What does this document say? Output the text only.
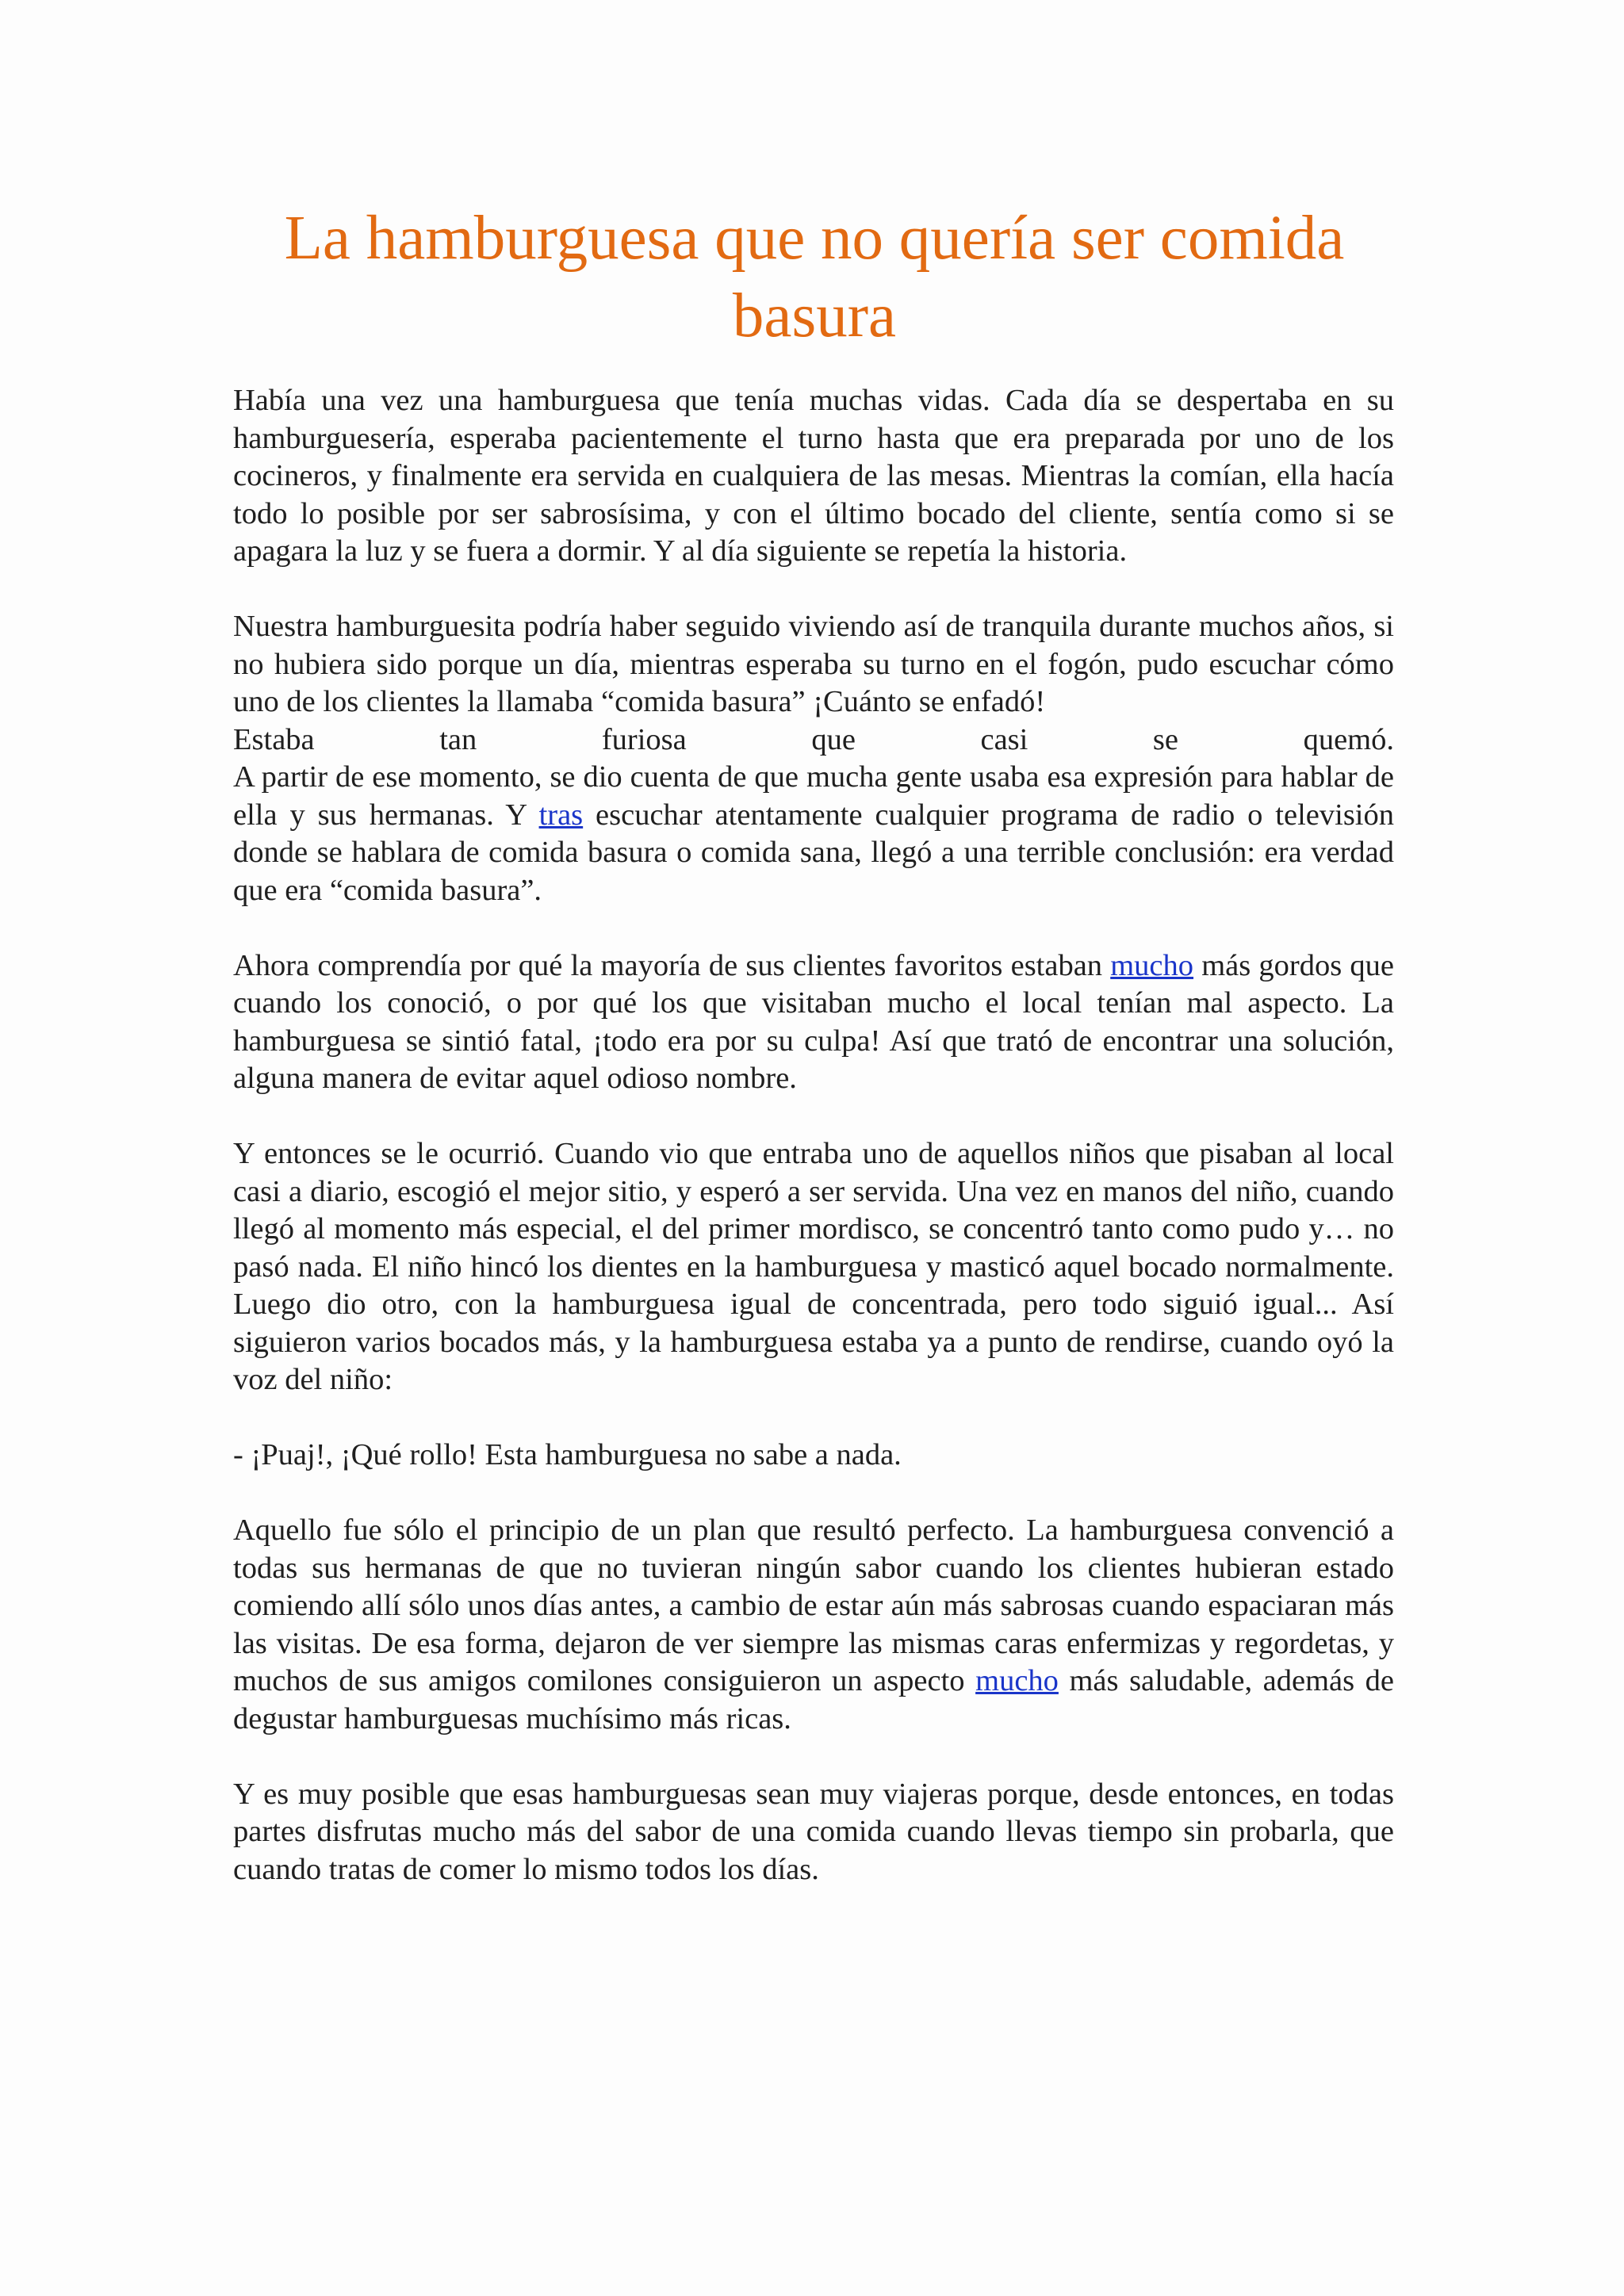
La hamburguesa que no quería ser comida basura

Había una vez una hamburguesa que tenía muchas vidas. Cada día se despertaba en su hamburguesería, esperaba pacientemente el turno hasta que era preparada por uno de los cocineros, y finalmente era servida en cualquiera de las mesas. Mientras la comían, ella hacía todo lo posible por ser sabrosísima, y con el último bocado del cliente, sentía como si se apagara la luz y se fuera a dormir. Y al día siguiente se repetía la historia.

Nuestra hamburguesita podría haber seguido viviendo así de tranquila durante muchos años, si no hubiera sido porque un día, mientras esperaba su turno en el fogón, pudo escuchar cómo uno de los clientes la llamaba “comida basura” ¡Cuánto se enfadó!
Estaba tan furiosa que casi se quemó.
A partir de ese momento, se dio cuenta de que mucha gente usaba esa expresión para hablar de ella y sus hermanas. Y tras escuchar atentamente cualquier programa de radio o televisión donde se hablara de comida basura o comida sana, llegó a una terrible conclusión: era verdad que era “comida basura”.

Ahora comprendía por qué la mayoría de sus clientes favoritos estaban mucho más gordos que cuando los conoció, o por qué los que visitaban mucho el local tenían mal aspecto. La hamburguesa se sintió fatal, ¡todo era por su culpa! Así que trató de encontrar una solución, alguna manera de evitar aquel odioso nombre.

Y entonces se le ocurrió. Cuando vio que entraba uno de aquellos niños que pisaban al local casi a diario, escogió el mejor sitio, y esperó a ser servida. Una vez en manos del niño, cuando llegó al momento más especial, el del primer mordisco, se concentró tanto como pudo y… no pasó nada. El niño hincó los dientes en la hamburguesa y masticó aquel bocado normalmente. Luego dio otro, con la hamburguesa igual de concentrada, pero todo siguió igual... Así siguieron varios bocados más, y la hamburguesa estaba ya a punto de rendirse, cuando oyó la voz del niño:

- ¡Puaj!, ¡Qué rollo! Esta hamburguesa no sabe a nada.

Aquello fue sólo el principio de un plan que resultó perfecto. La hamburguesa convenció a todas sus hermanas de que no tuvieran ningún sabor cuando los clientes hubieran estado comiendo allí sólo unos días antes, a cambio de estar aún más sabrosas cuando espaciaran más las visitas. De esa forma, dejaron de ver siempre las mismas caras enfermizas y regordetas, y muchos de sus amigos comilones consiguieron un aspecto mucho más saludable, además de degustar hamburguesas muchísimo más ricas.

Y es muy posible que esas hamburguesas sean muy viajeras porque, desde entonces, en todas partes disfrutas mucho más del sabor de una comida cuando llevas tiempo sin probarla, que cuando tratas de comer lo mismo todos los días.
